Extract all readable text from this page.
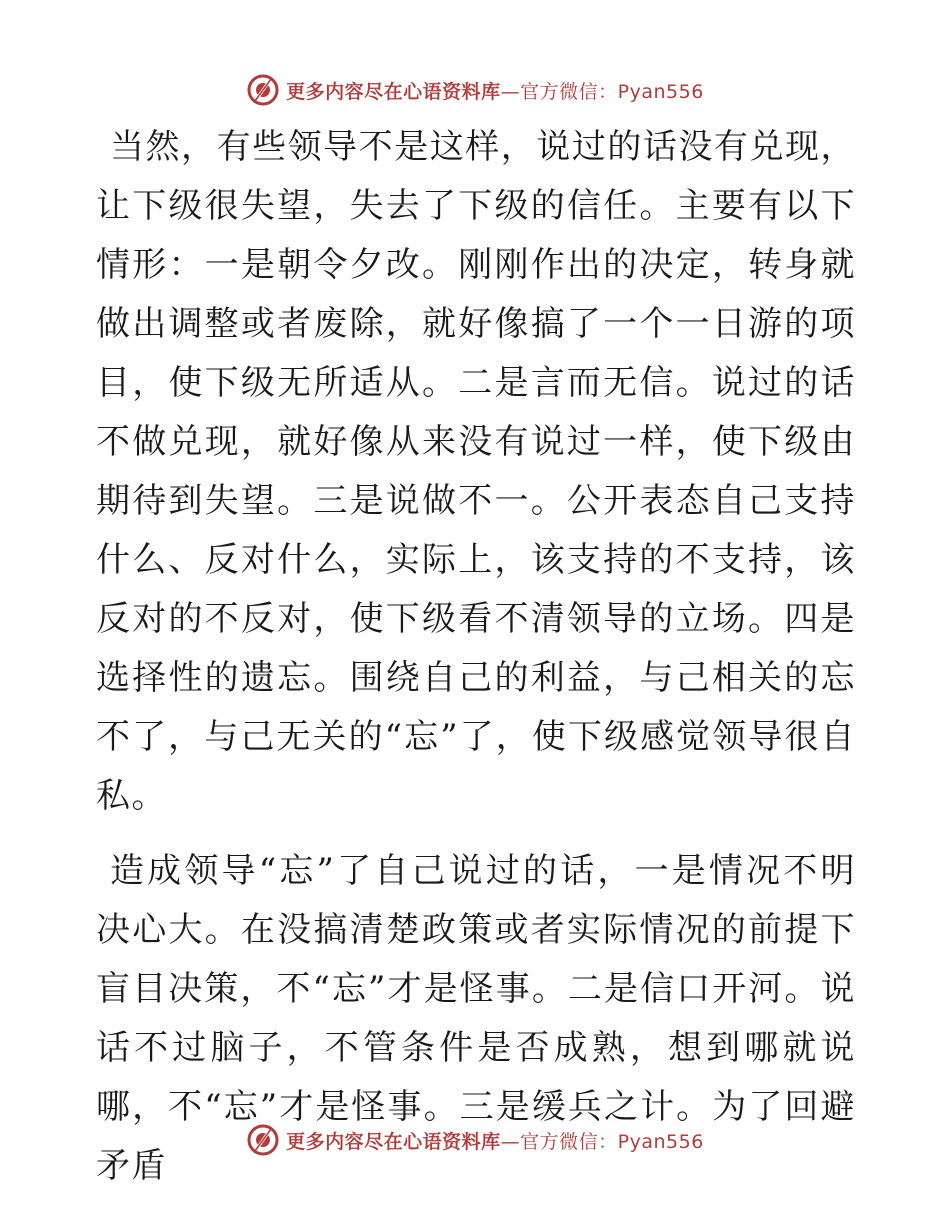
更多内容尽在心语资料库—官方微信：Pyan556

当然，有些领导不是这样，说过的话没有兑现，让下级很失望，失去了下级的信任。主要有以下情形：一是朝令夕改。刚刚作出的决定，转身就做出调整或者废除，就好像搞了一个一日游的项目，使下级无所适从。二是言而无信。说过的话不做兑现，就好像从来没有说过一样，使下级由期待到失望。三是说做不一。公开表态自己支持什么、反对什么，实际上，该支持的不支持，该反对的不反对，使下级看不清领导的立场。四是选择性的遗忘。围绕自己的利益，与己相关的忘不了，与己无关的“忘”了，使下级感觉领导很自私。

造成领导“忘”了自己说过的话，一是情况不明决心大。在没搞清楚政策或者实际情况的前提下盲目决策，不“忘”才是怪事。二是信口开河。说话不过脑子，不管条件是否成熟，想到哪就说哪，不“忘”才是怪事。三是缓兵之计。为了回避矛盾

更多内容尽在心语资料库—官方微信：Pyan556
